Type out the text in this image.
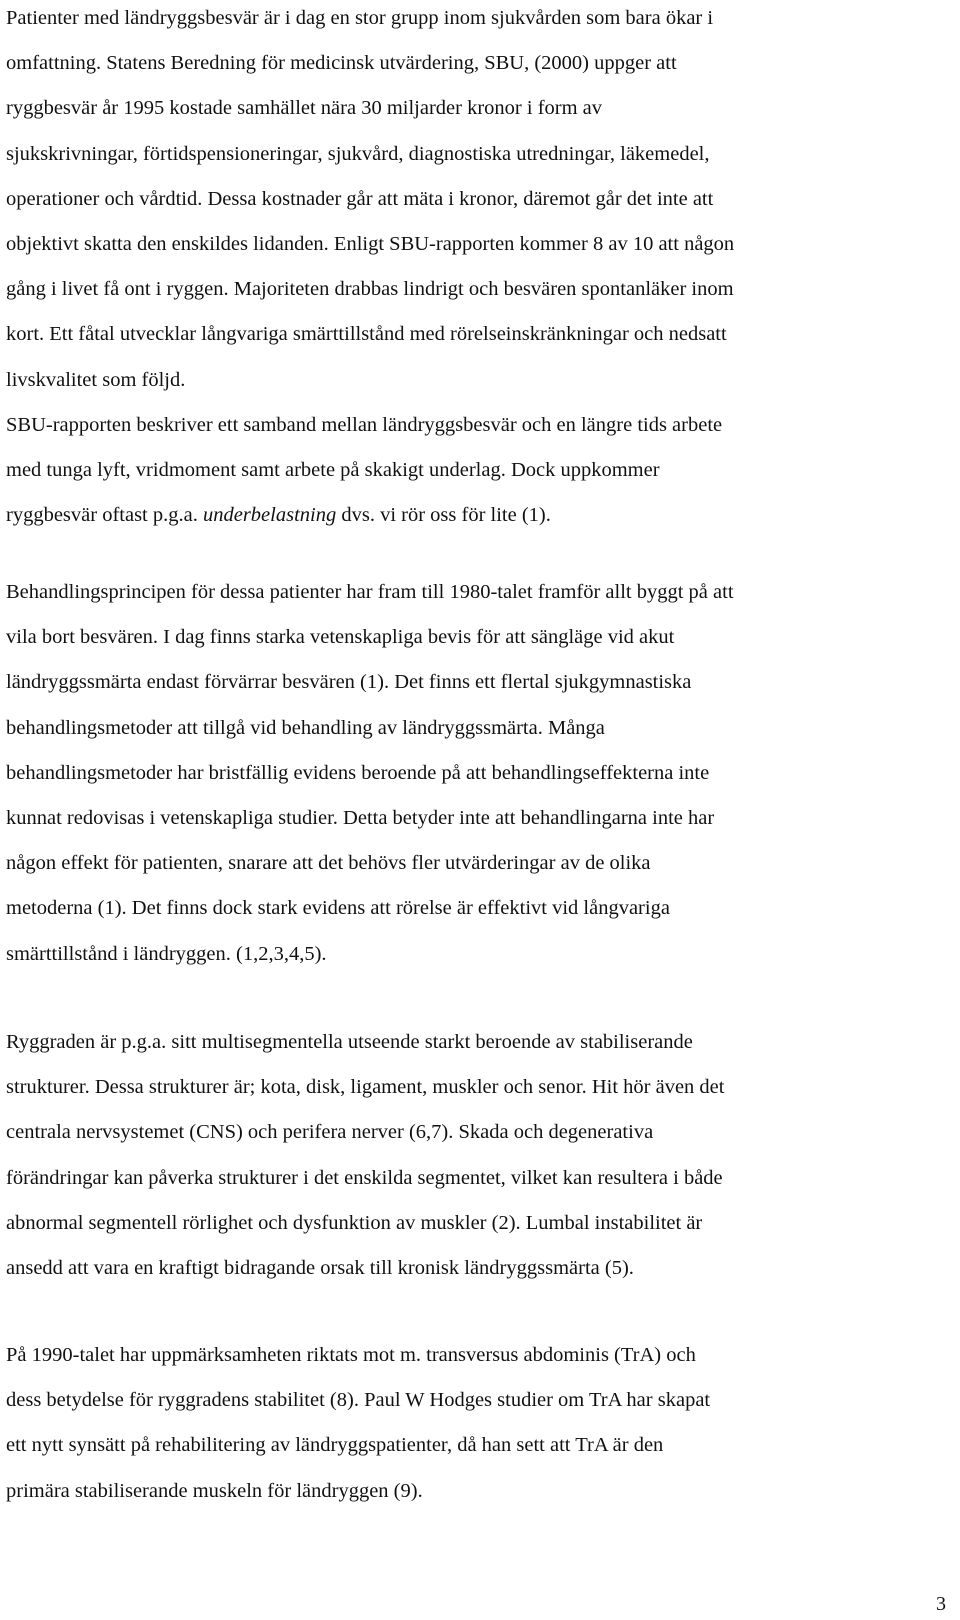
Patienter med ländryggsbesvär är i dag en stor grupp inom sjukvården som bara ökar i
omfattning. Statens Beredning för medicinsk utvärdering, SBU, (2000) uppger att
ryggbesvär år 1995 kostade samhället nära 30 miljarder kronor i form av
sjukskrivningar, förtidspensioneringar, sjukvård, diagnostiska utredningar, läkemedel,
operationer och vårdtid. Dessa kostnader går att mäta i kronor, däremot går det inte att
objektivt skatta den enskildes lidanden. Enligt SBU-rapporten kommer 8 av 10 att någon
gång i livet få ont i ryggen. Majoriteten drabbas lindrigt och besvären spontanläker inom
kort. Ett fåtal utvecklar långvariga smärttillstånd med rörelseinskränkningar och nedsatt
livskvalitet som följd.
SBU-rapporten beskriver ett samband mellan ländryggsbesvär och en längre tids arbete
med tunga lyft, vridmoment samt arbete på skakigt underlag. Dock uppkommer
ryggbesvär oftast p.g.a. underbelastning dvs. vi rör oss för lite (1).

Behandlingsprincipen för dessa patienter har fram till 1980-talet framför allt byggt på att
vila bort besvären. I dag finns starka vetenskapliga bevis för att sängläge vid akut
ländryggssmärta endast förvärrar besvären (1). Det finns ett flertal sjukgymnastiska
behandlingsmetoder att tillgå vid behandling av ländryggssmärta. Många
behandlingsmetoder har bristfällig evidens beroende på att behandlingseffekterna inte
kunnat redovisas i vetenskapliga studier. Detta betyder inte att behandlingarna inte har
någon effekt för patienten, snarare att det behövs fler utvärderingar av de olika
metoderna (1). Det finns dock stark evidens att rörelse är effektivt vid långvariga
smärttillstånd i ländryggen. (1,2,3,4,5).

Ryggraden är p.g.a. sitt multisegmentella utseende starkt beroende av stabiliserande
strukturer. Dessa strukturer är; kota, disk, ligament, muskler och senor. Hit hör även det
centrala nervsystemet (CNS) och perifera nerver (6,7). Skada och degenerativa
förändringar kan påverka strukturer i det enskilda segmentet, vilket kan resultera i både
abnormal segmentell rörlighet och dysfunktion av muskler (2). Lumbal instabilitet är
ansedd att vara en kraftigt bidragande orsak till kronisk ländryggssmärta (5).

På 1990-talet har uppmärksamheten riktats mot m. transversus abdominis (TrA) och
dess betydelse för ryggradens stabilitet (8). Paul W Hodges studier om TrA har skapat
ett nytt synsätt på rehabilitering av ländryggspatienter, då han sett att TrA är den
primära stabiliserande muskeln för ländryggen (9).

3
